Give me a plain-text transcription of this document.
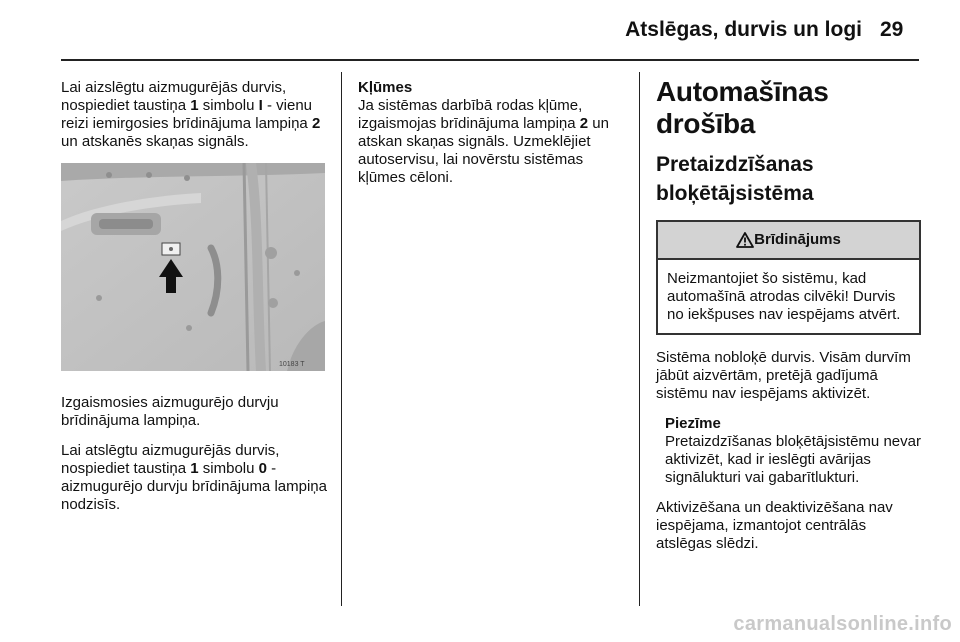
Atslēgas, durvis un logi 29

Lai aizslēgtu aizmugurējās durvis, nospiediet taustiņa 1 simbolu I - vienu reizi iemirgosies brīdinājuma lampiņa 2 un atskanēs skaņas signāls.

10183 T

Izgaismosies aizmugurējo durvju brīdinājuma lampiņa.

Lai atslēgtu aizmugurējās durvis, nospiediet taustiņa 1 simbolu 0 - aizmugurējo durvju brīdinājuma lampiņa nodzisīs.

Kļūmes

Ja sistēmas darbībā rodas kļūme, izgaismojas brīdinājuma lampiņa 2 un atskan skaņas signāls. Uzmeklējiet autoservisu, lai novērstu sistēmas kļūmes cēloni.

Automašīnas drošība
Pretaizdzīšanas bloķētājsistēma
Brīdinājums
Neizmantojiet šo sistēmu, kad automašīnā atrodas cilvēki! Durvis no iekšpuses nav iespējams atvērt.

Sistēma nobloķē durvis. Visām durvīm jābūt aizvērtām, pretējā gadījumā sistēmu nav iespējams aktivizēt.

Piezīme
Pretaizdzīšanas bloķētājsistēmu nevar aktivizēt, kad ir ieslēgti avārijas signālukturi vai gabarītlukturi.

Aktivizēšana un deaktivizēšana nav iespējama, izmantojot centrālās atslēgas slēdzi.

carmanualsonline.info
